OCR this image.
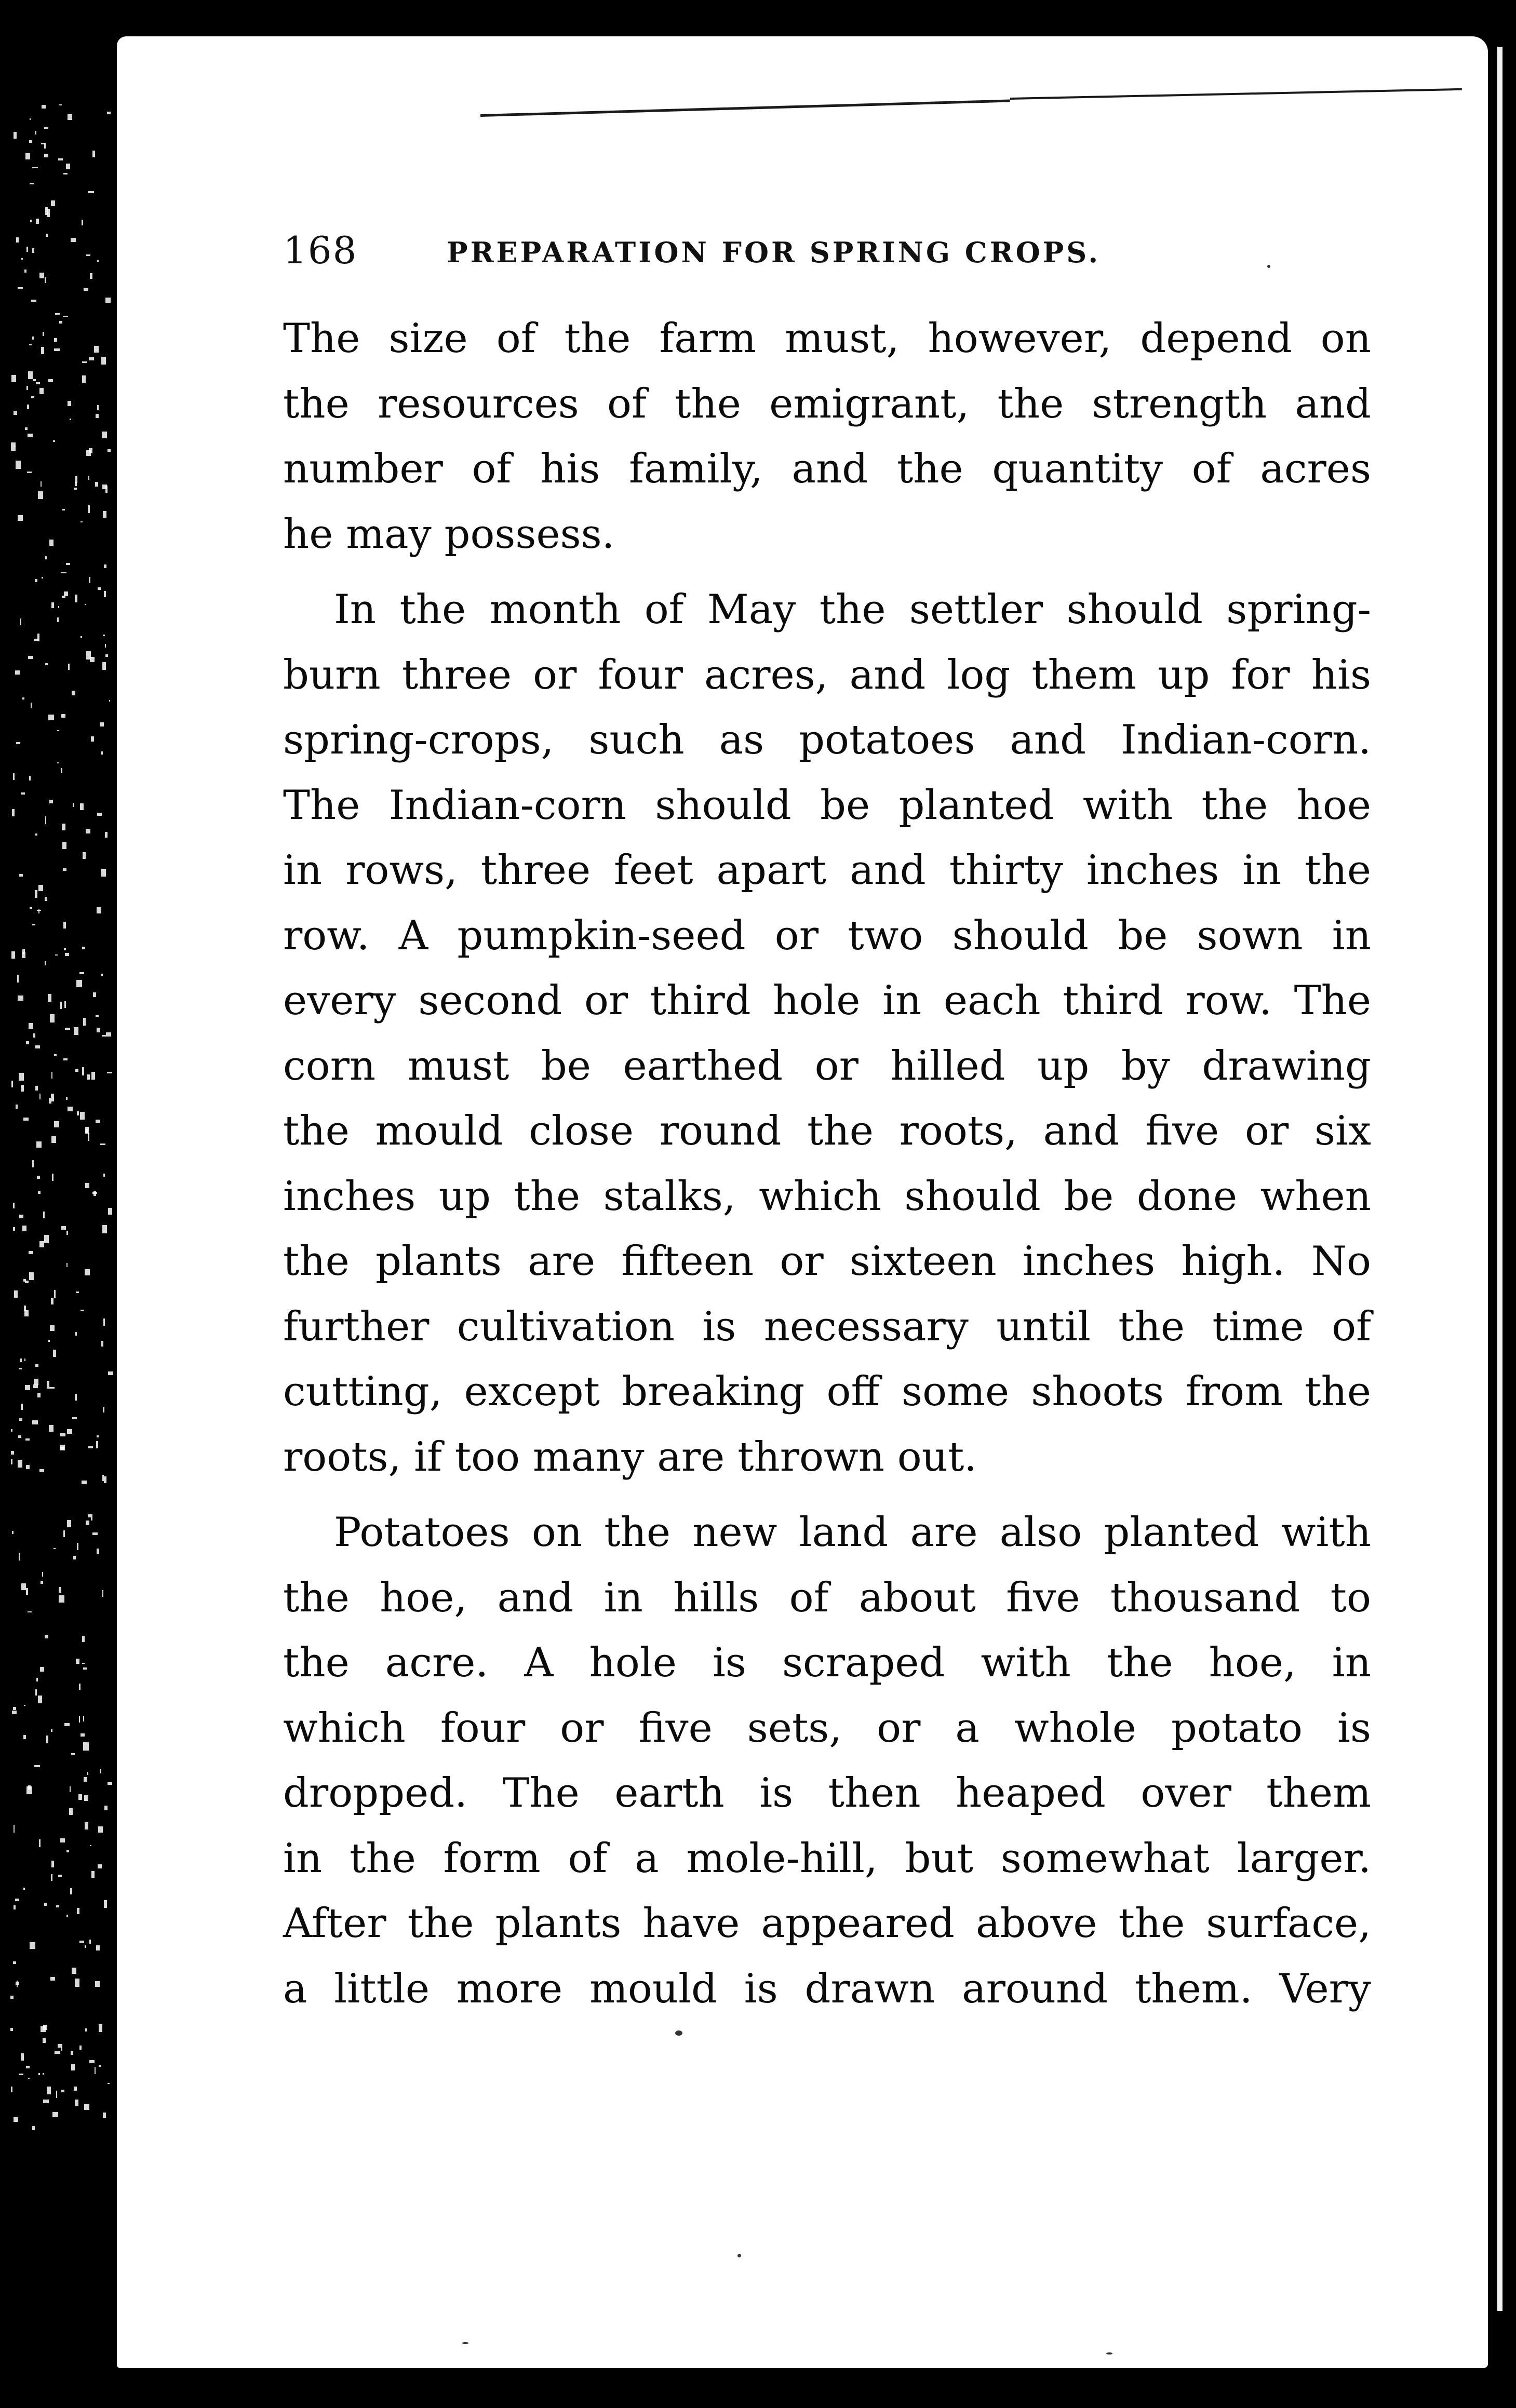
168	PREPARATION FOR SPRING CROPS.
The size of the farm must, however, depend on
the resources of the emigrant, the strength and
number of his family, and the quantity of acres
he may possess.
In the month of May the settler should spring-
burn three or four acres, and log them up for his
spring-crops, such as potatoes and Indian-corn.
The Indian-corn should be planted with the hoe
in rows, three feet apart and thirty inches in the
row. A pumpkin-seed or two should be sown in
every second or third hole in each third row. The
corn must be earthed or hilled up by drawing
the mould close round the roots, and five or six
inches up the stalks, which should be done when
the plants are fifteen or sixteen inches high. No
further cultivation is necessary until the time of
cutting, except breaking off some shoots from the
roots, if too many are thrown out.
Potatoes on the new land are also planted with
the hoe, and in hills of about five thousand to
the acre. A hole is scraped with the hoe, in
which four or five sets, or a whole potato is
dropped. The earth is then heaped over them
in the form of a mole-hill, but somewhat larger.
After the plants have appeared above the surface,
a little more mould is drawn around them. Very
